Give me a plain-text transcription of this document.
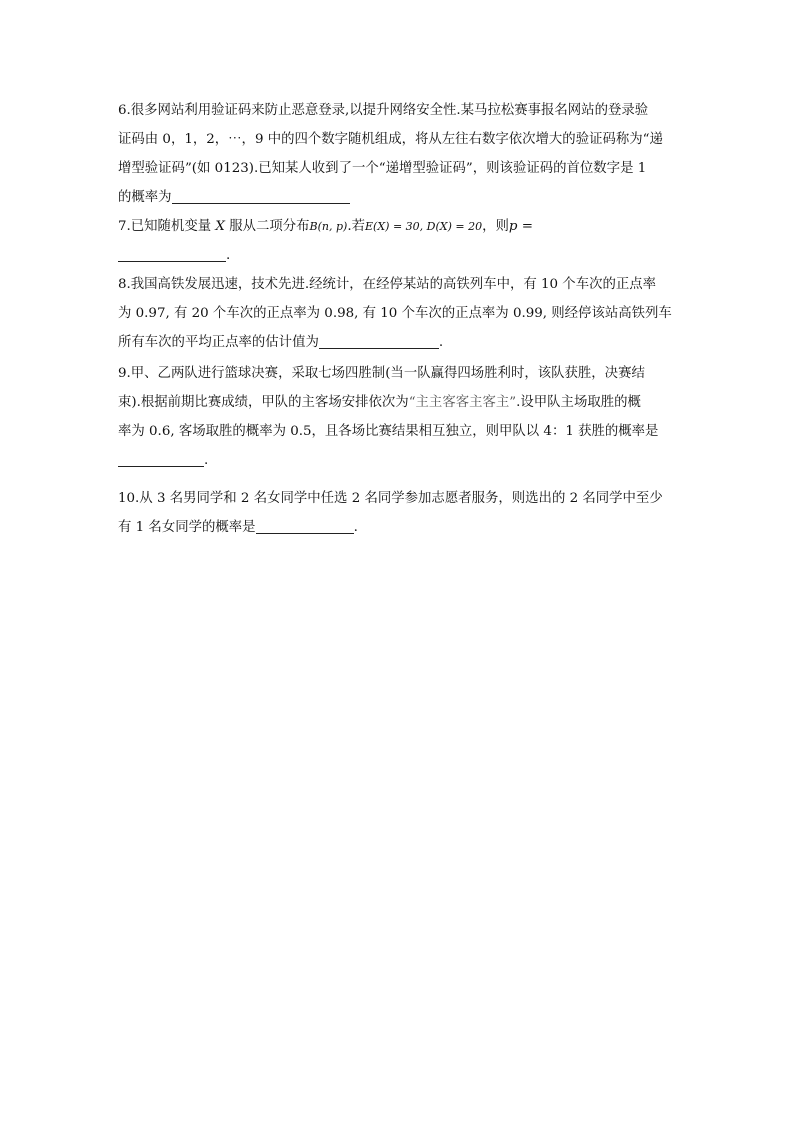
6.很多网站利用验证码来防止恶意登录,以提升网络安全性.某马拉松赛事报名网站的登录验
证码由 0，1，2，⋯，9 中的四个数字随机组成，将从左往右数字依次增大的验证码称为“递
增型验证码”(如 0123).已知某人收到了一个“递增型验证码”，则该验证码的首位数字是 1
的概率为
7.已知随机变量 X 服从二项分布B(n, p).若E(X) = 30, D(X) = 20，则p =
.
8.我国高铁发展迅速，技术先进.经统计，在经停某站的高铁列车中，有 10 个车次的正点率
为 0.97, 有 20 个车次的正点率为 0.98, 有 10 个车次的正点率为 0.99, 则经停该站高铁列车
所有车次的平均正点率的估计值为	.
9.甲、乙两队进行篮球决赛，采取七场四胜制(当一队赢得四场胜利时，该队获胜，决赛结
束).根据前期比赛成绩，甲队的主客场安排依次为“主主客客主客主”.设甲队主场取胜的概
率为 0.6, 客场取胜的概率为 0.5，且各场比赛结果相互独立，则甲队以 4：1 获胜的概率是
.
10.从 3 名男同学和 2 名女同学中任选 2 名同学参加志愿者服务，则选出的 2 名同学中至少
有 1 名女同学的概率是	.
